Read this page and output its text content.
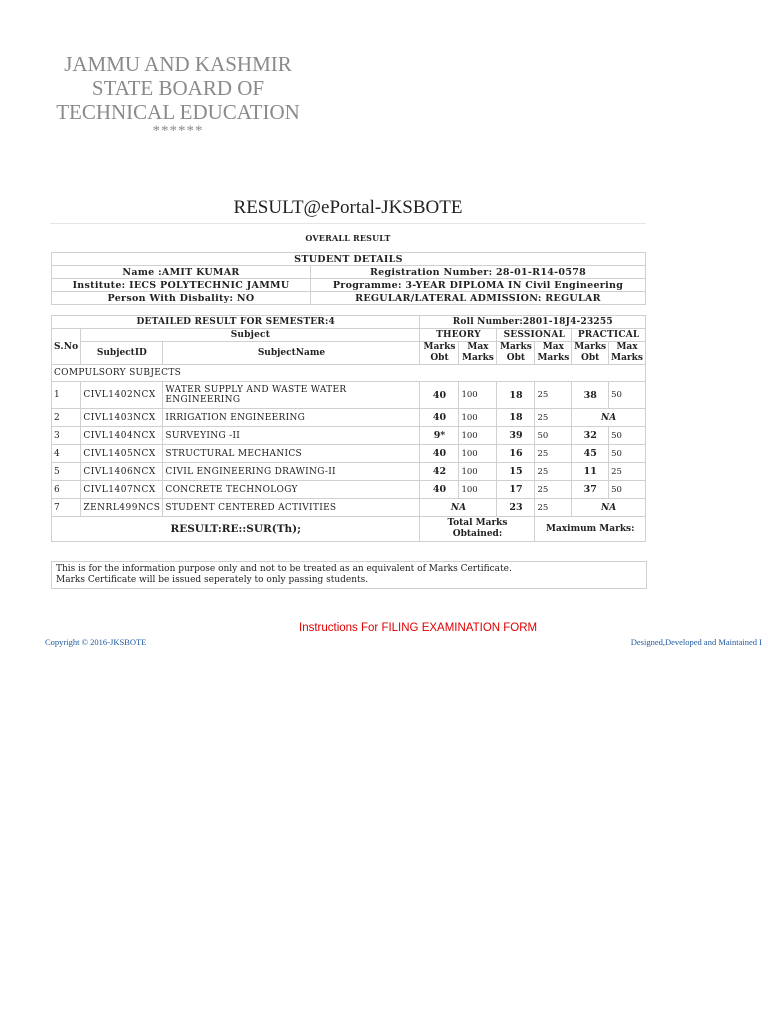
JAMMU AND KASHMIR
STATE BOARD OF
TECHNICAL EDUCATION
******
RESULT@ePortal-JKSBOTE
OVERALL RESULT
STUDENT DETAILS	
Name :AMIT KUMAR	Registration Number: 28-01-R14-0578
Institute: IECS POLYTECHNIC JAMMU	Programme: 3-YEAR DIPLOMA IN Civil Engineering
Person With Disbality: NO	REGULAR/LATERAL ADMISSION: REGULAR
DETAILED RESULT FOR SEMESTER:4			Roll Number:2801-18J4-23255					
S.No	Subject		THEORY		SESSIONAL		PRACTICAL	
	SubjectID	SubjectName	Marks Obt	Max Marks	Marks Obt	Max Marks	Marks Obt	Max Marks
COMPULSORY SUBJECTS								
1	CIVL1402NCX	WATER SUPPLY AND WASTE WATER ENGINEERING	40	100	18	25	38	50
2	CIVL1403NCX	IRRIGATION ENGINEERING	40	100	18	25	NA	
3	CIVL1404NCX	SURVEYING -II	9*	100	39	50	32	50
4	CIVL1405NCX	STRUCTURAL MECHANICS	40	100	16	25	45	50
5	CIVL1406NCX	CIVIL ENGINEERING DRAWING-II	42	100	15	25	11	25
6	CIVL1407NCX	CONCRETE TECHNOLOGY	40	100	17	25	37	50
7	ZENRL499NCS	STUDENT CENTERED ACTIVITIES	NA		23	25	NA	
RESULT:RE::SUR(Th);			Total Marks Obtained:			Maximum Marks:		
This is for the information purpose only and not to be treated as an equivalent of Marks Certificate.
Marks Certificate will be issued seperately to only passing students.
Instructions For FILING EXAMINATION FORM
Copyright © 2016-JKSBOTE	Designed,Developed and Maintained I
